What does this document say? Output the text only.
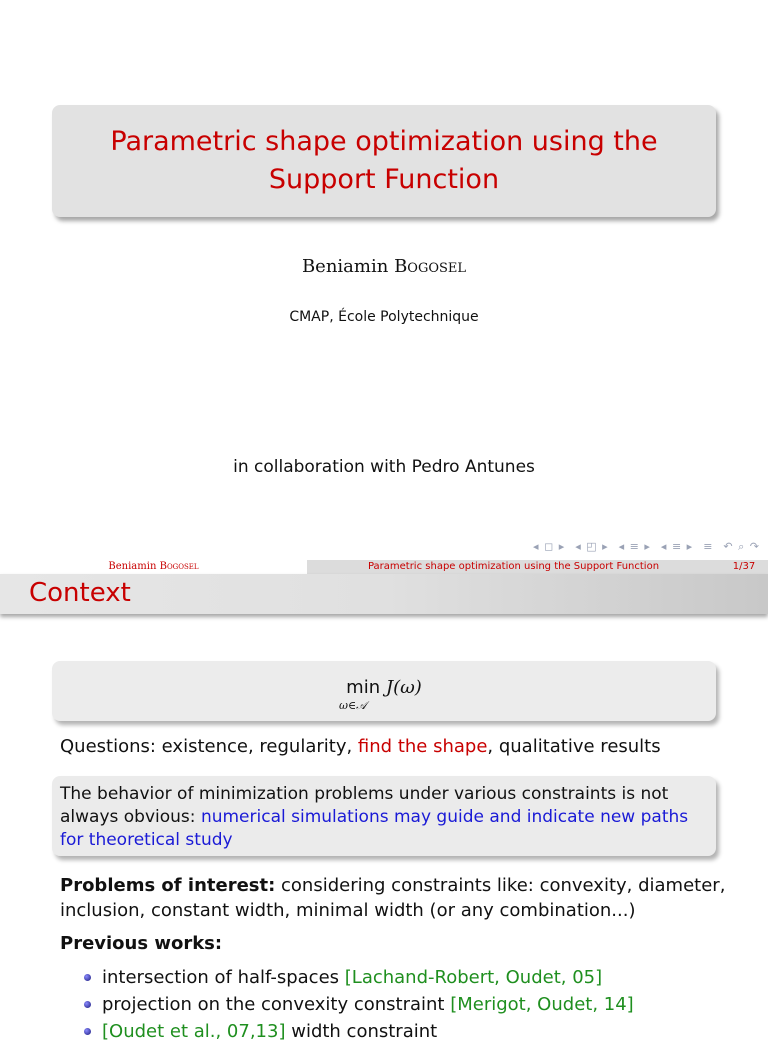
Parametric shape optimization using the Support Function
Beniamin Bogosel
CMAP, École Polytechnique
in collaboration with Pedro Antunes
◂ ◻ ▸ ◂ ◰ ▸ ◂ ≡ ▸ ◂ ≡ ▸ ≡ ↶ ⌕ ↷
Beniamin Bogosel	Parametric shape optimization using the Support Function	1/37
Context
min J(ω)
ω∈𝒜
Questions: existence, regularity, find the shape, qualitative results
The behavior of minimization problems under various constraints is not always obvious: numerical simulations may guide and indicate new paths for theoretical study
Problems of interest: considering constraints like: convexity, diameter, inclusion, constant width, minimal width (or any combination...)
Previous works:
intersection of half-spaces [Lachand-Robert, Oudet, 05]
projection on the convexity constraint [Merigot, Oudet, 14]
[Oudet et al., 07,13] width constraint
